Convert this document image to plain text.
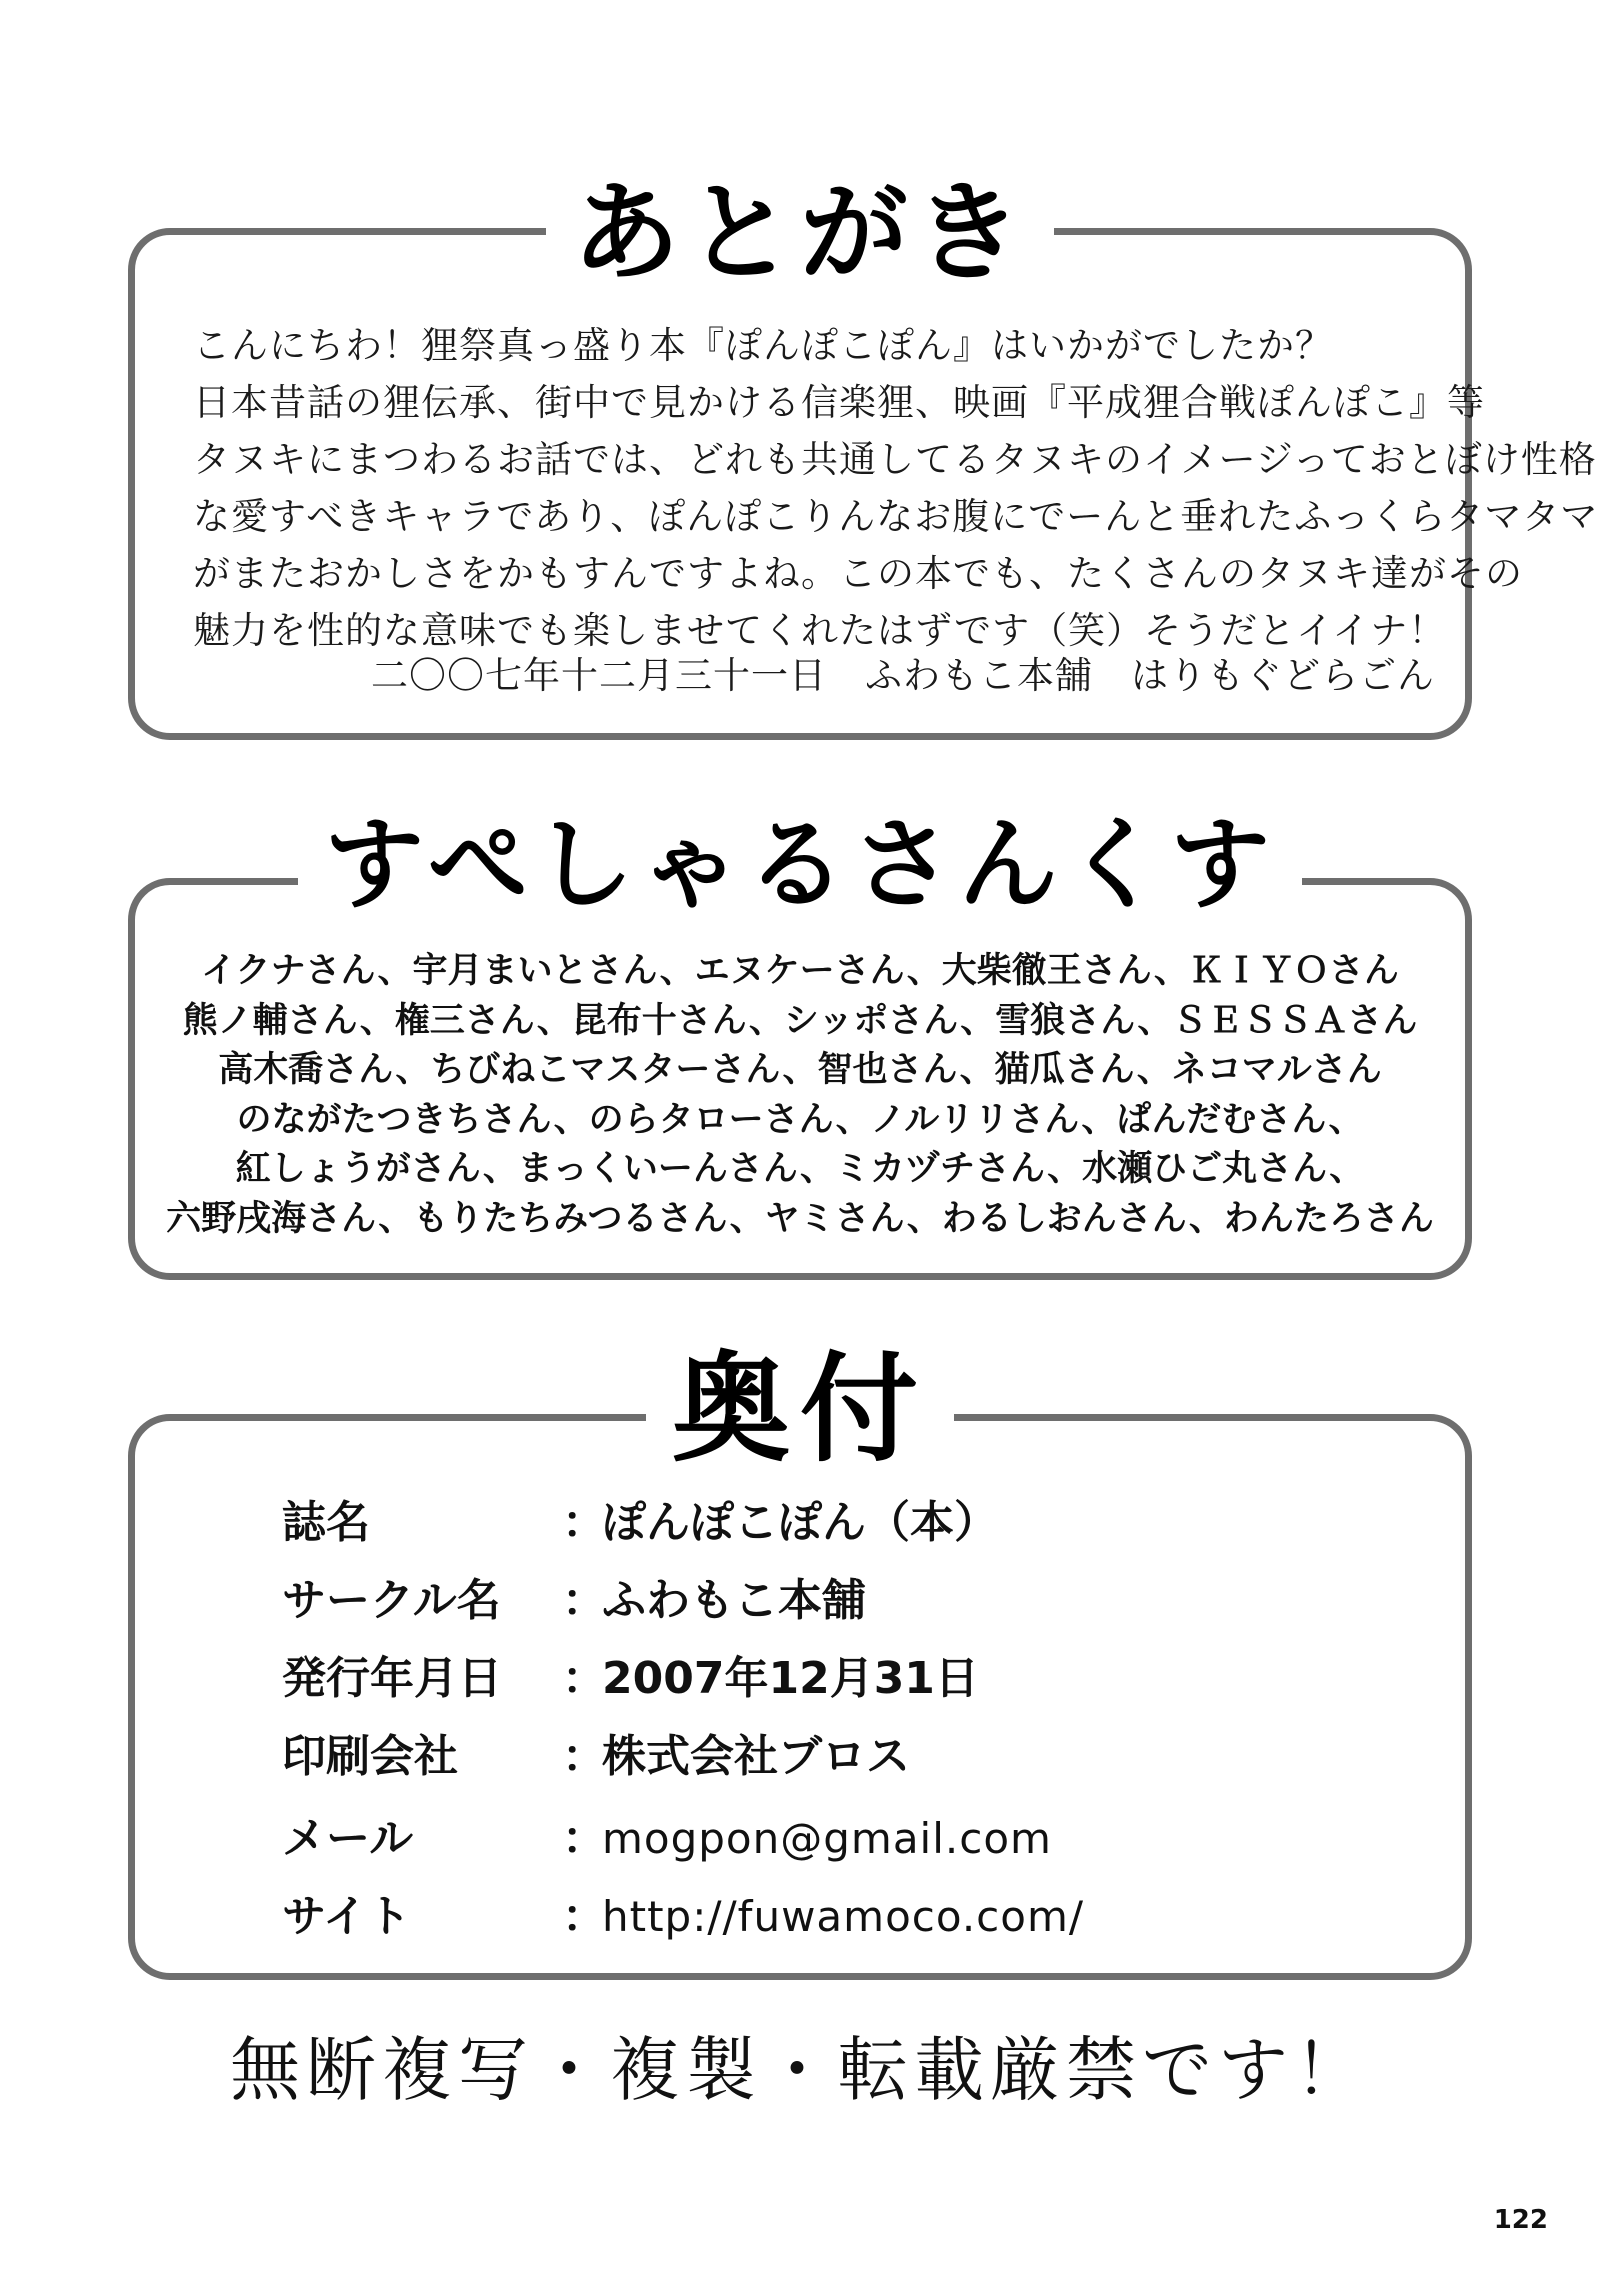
こんにちわ！狸祭真っ盛り本『ぽんぽこぽん』はいかがでしたか？
日本昔話の狸伝承、街中で見かける信楽狸、映画『平成狸合戦ぽんぽこ』等
タヌキにまつわるお話では、どれも共通してるタヌキのイメージっておとぼけ性格
な愛すべきキャラであり、ぽんぽこりんなお腹にでーんと垂れたふっくらタマタマ
がまたおかしさをかもすんですよね。この本でも、たくさんのタヌキ達がその
魅力を性的な意味でも楽しませてくれたはずです（笑）そうだとイイナ！
二〇〇七年十二月三十一日　ふわもこ本舗　はりもぐどらごん
あとがき
イクナさん、宇月まいとさん、エヌケーさん、大柴徹王さん、ＫＩＹＯさん
熊ノ輔さん、権三さん、昆布十さん、シッポさん、雪狼さん、ＳＥＳＳＡさん
高木喬さん、ちびねこマスターさん、智也さん、猫瓜さん、ネコマルさん
のながたつきちさん、のらタローさん、ノルリリさん、ぱんだむさん、
紅しょうがさん、まっくいーんさん、ミカヅチさん、水瀬ひご丸さん、
六野戌海さん、もりたちみつるさん、ヤミさん、わるしおんさん、わんたろさん
すぺしゃるさんくす
奥付
誌名	：ぽんぽこぽん（本）
サークル名 ：ふわもこ本舗
発行年月日 ：2007年12月31日
印刷会社 ：株式会社ブロス
メール	：mogpon@gmail.com
サイト	：http://fuwamoco.com/
無断複写・複製・転載厳禁です！
122
